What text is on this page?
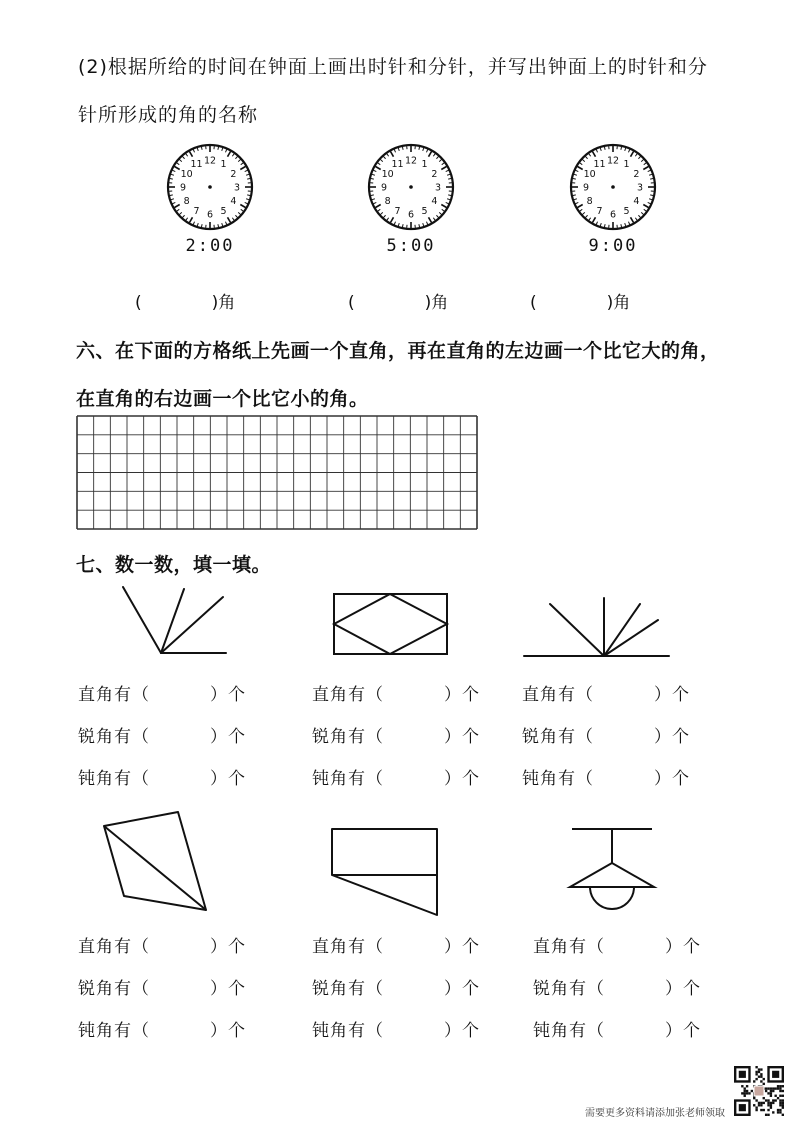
(2)根据所给的时间在钟面上画出时针和分针，并写出钟面上的时针和分
针所形成的角的名称
12 1
2
3
4
5
6
7
8
9
10
11
2:00
12 1
2
3
4
5
6
7
8
9
10
11
5:00
12 1
2
3
4
5
6
7
8
9
10
11
9:00
(	)角	(	)角	(	)角
六、在下面的方格纸上先画一个直角，再在直角的左边画一个比它大的角，
在直角的右边画一个比它小的角。
七、数一数，填一填。
直角有（	）个
锐角有（	）个
钝角有（	）个
直角有（	）个
锐角有（	）个
钝角有（	）个
直角有（	）个
锐角有（	）个
钝角有（	）个
直角有（	）个
锐角有（	）个
钝角有（	）个
直角有（	）个
锐角有（	）个
钝角有（	）个
直角有（	）个
锐角有（	）个
钝角有（	）个
需要更多资料请添加张老师领取
